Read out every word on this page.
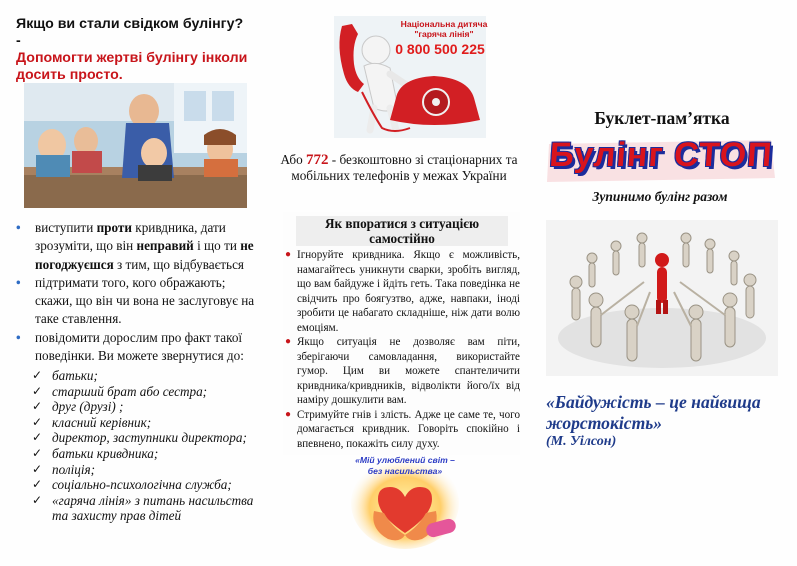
Якщо ви стали свідком булінгу? -
Допомогти жертві булінгу інколи досить просто.
• виступити проти кривдника, дати зрозуміти, що він неправий і що ти не погоджуєшся з тим, що відбувається
• підтримати того, кого ображають; скажи, що він чи вона не заслуговує на таке ставлення.
• повідомити дорослим про факт такої поведінки. Ви можете звернутися до:
✓ батьки;
✓ старший брат або сестра;
✓ друг (друзі) ;
✓ класний керівник;
✓ директор, заступники директора;
✓ батьки кривдника;
✓ поліція;
✓ соціально-психологічна служба;
✓ «гаряча лінія» з питань насильства та захисту прав дітей
Національна дитяча "гаряча лінія"
0 800 500 225
Або 772 - безкоштовно зі стаціонарних та мобільних телефонів у межах України
Як впоратися з ситуацією самостійно
● Ігноруйте кривдника. Якщо є можливість, намагайтесь уникнути сварки, зробіть вигляд, що вам байдуже і йдіть геть. Така поведінка не свідчить про боягузтво, адже, навпаки, іноді зробити це набагато складніше, ніж дати волю емоціям.
● Якщо ситуація не дозволяє вам піти, зберігаючи самовладання, використайте гумор. Цим ви можете спантеличити кривдника/кривдників, відволікти його/їх від наміру дошкулити вам.
● Стримуйте гнів і злість. Адже це саме те, чого домагається кривдник. Говоріть спокійно і впевнено, покажіть силу духу.
«Мій улюблений світ – без насильства»
Буклет-пам’ятка
Булінг СТОП
Зупинимо булінг разом
«Байдужість – це найвища жорстокість»
(М. Уілсон)
